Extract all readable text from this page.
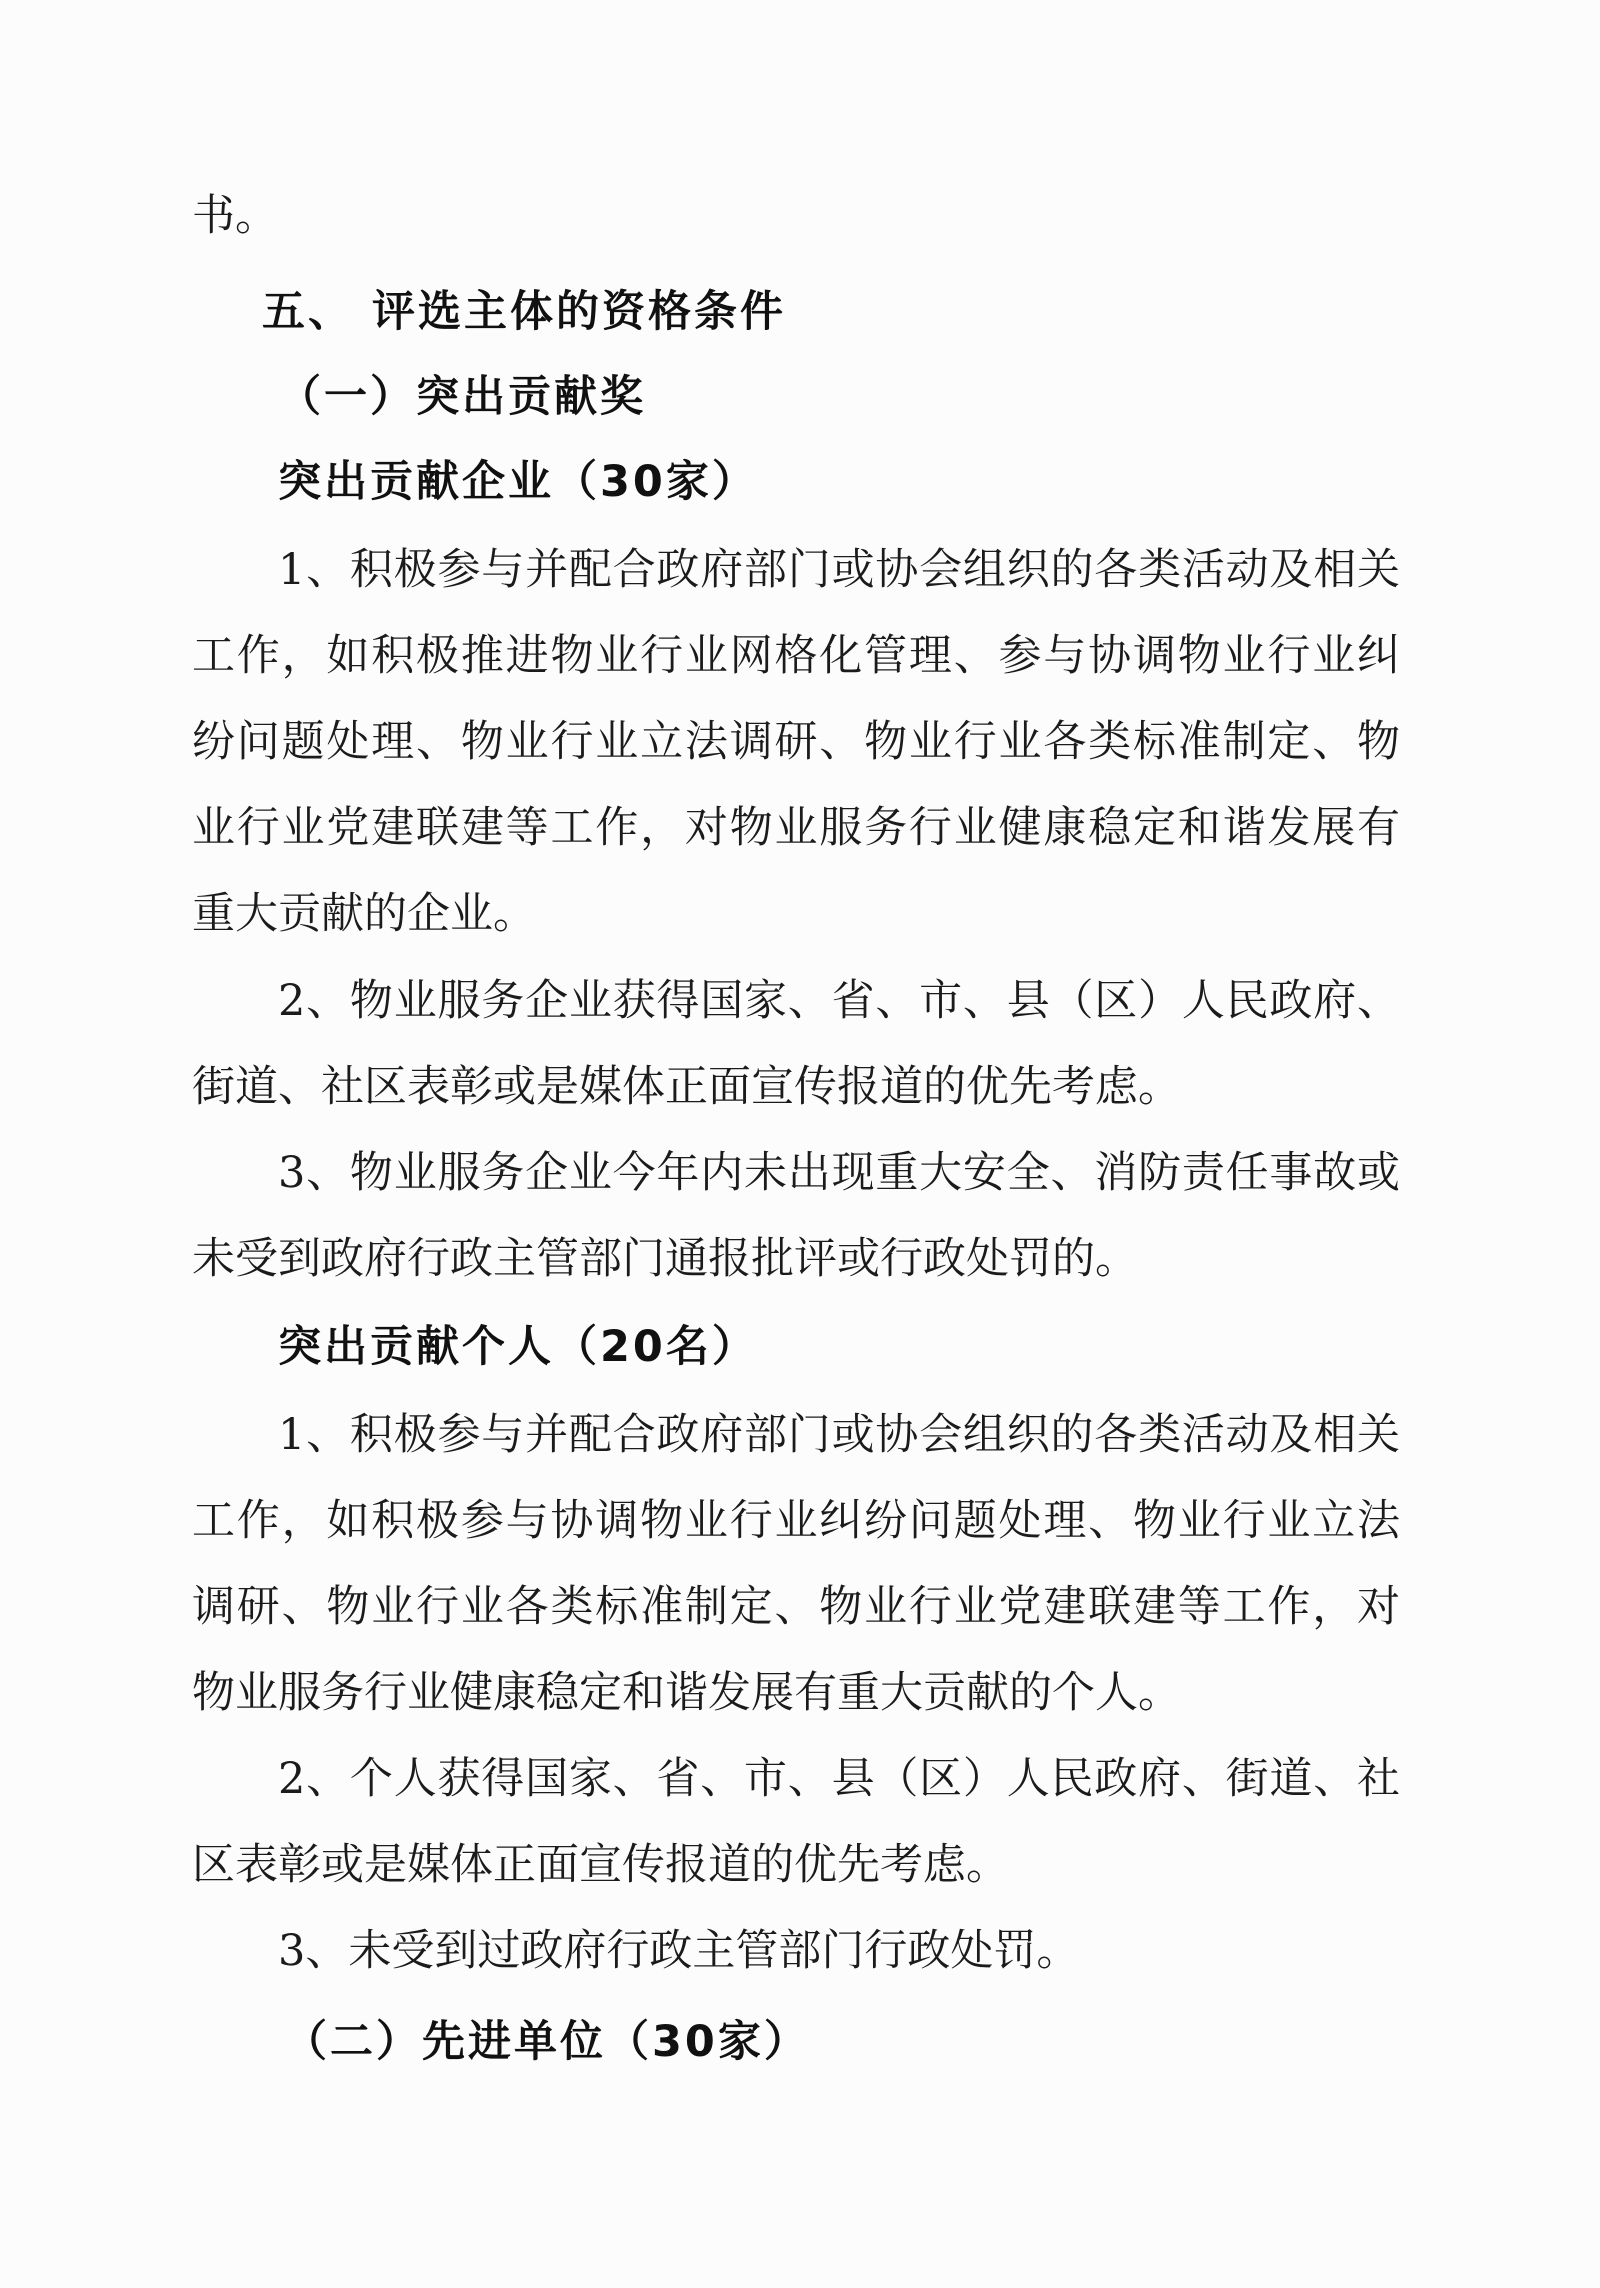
书。

五、 评选主体的资格条件

（一）突出贡献奖

突出贡献企业（30家）

1、积极参与并配合政府部门或协会组织的各类活动及相关

工作，如积极推进物业行业网格化管理、参与协调物业行业纠

纷问题处理、物业行业立法调研、物业行业各类标准制定、物

业行业党建联建等工作，对物业服务行业健康稳定和谐发展有

重大贡献的企业。

2、物业服务企业获得国家、省、市、县（区）人民政府、

街道、社区表彰或是媒体正面宣传报道的优先考虑。

3、物业服务企业今年内未出现重大安全、消防责任事故或

未受到政府行政主管部门通报批评或行政处罚的。

突出贡献个人（20名）

1、积极参与并配合政府部门或协会组织的各类活动及相关

工作，如积极参与协调物业行业纠纷问题处理、物业行业立法

调研、物业行业各类标准制定、物业行业党建联建等工作，对

物业服务行业健康稳定和谐发展有重大贡献的个人。

2、个人获得国家、省、市、县（区）人民政府、街道、社

区表彰或是媒体正面宣传报道的优先考虑。

3、未受到过政府行政主管部门行政处罚。

（二）先进单位（30家）
